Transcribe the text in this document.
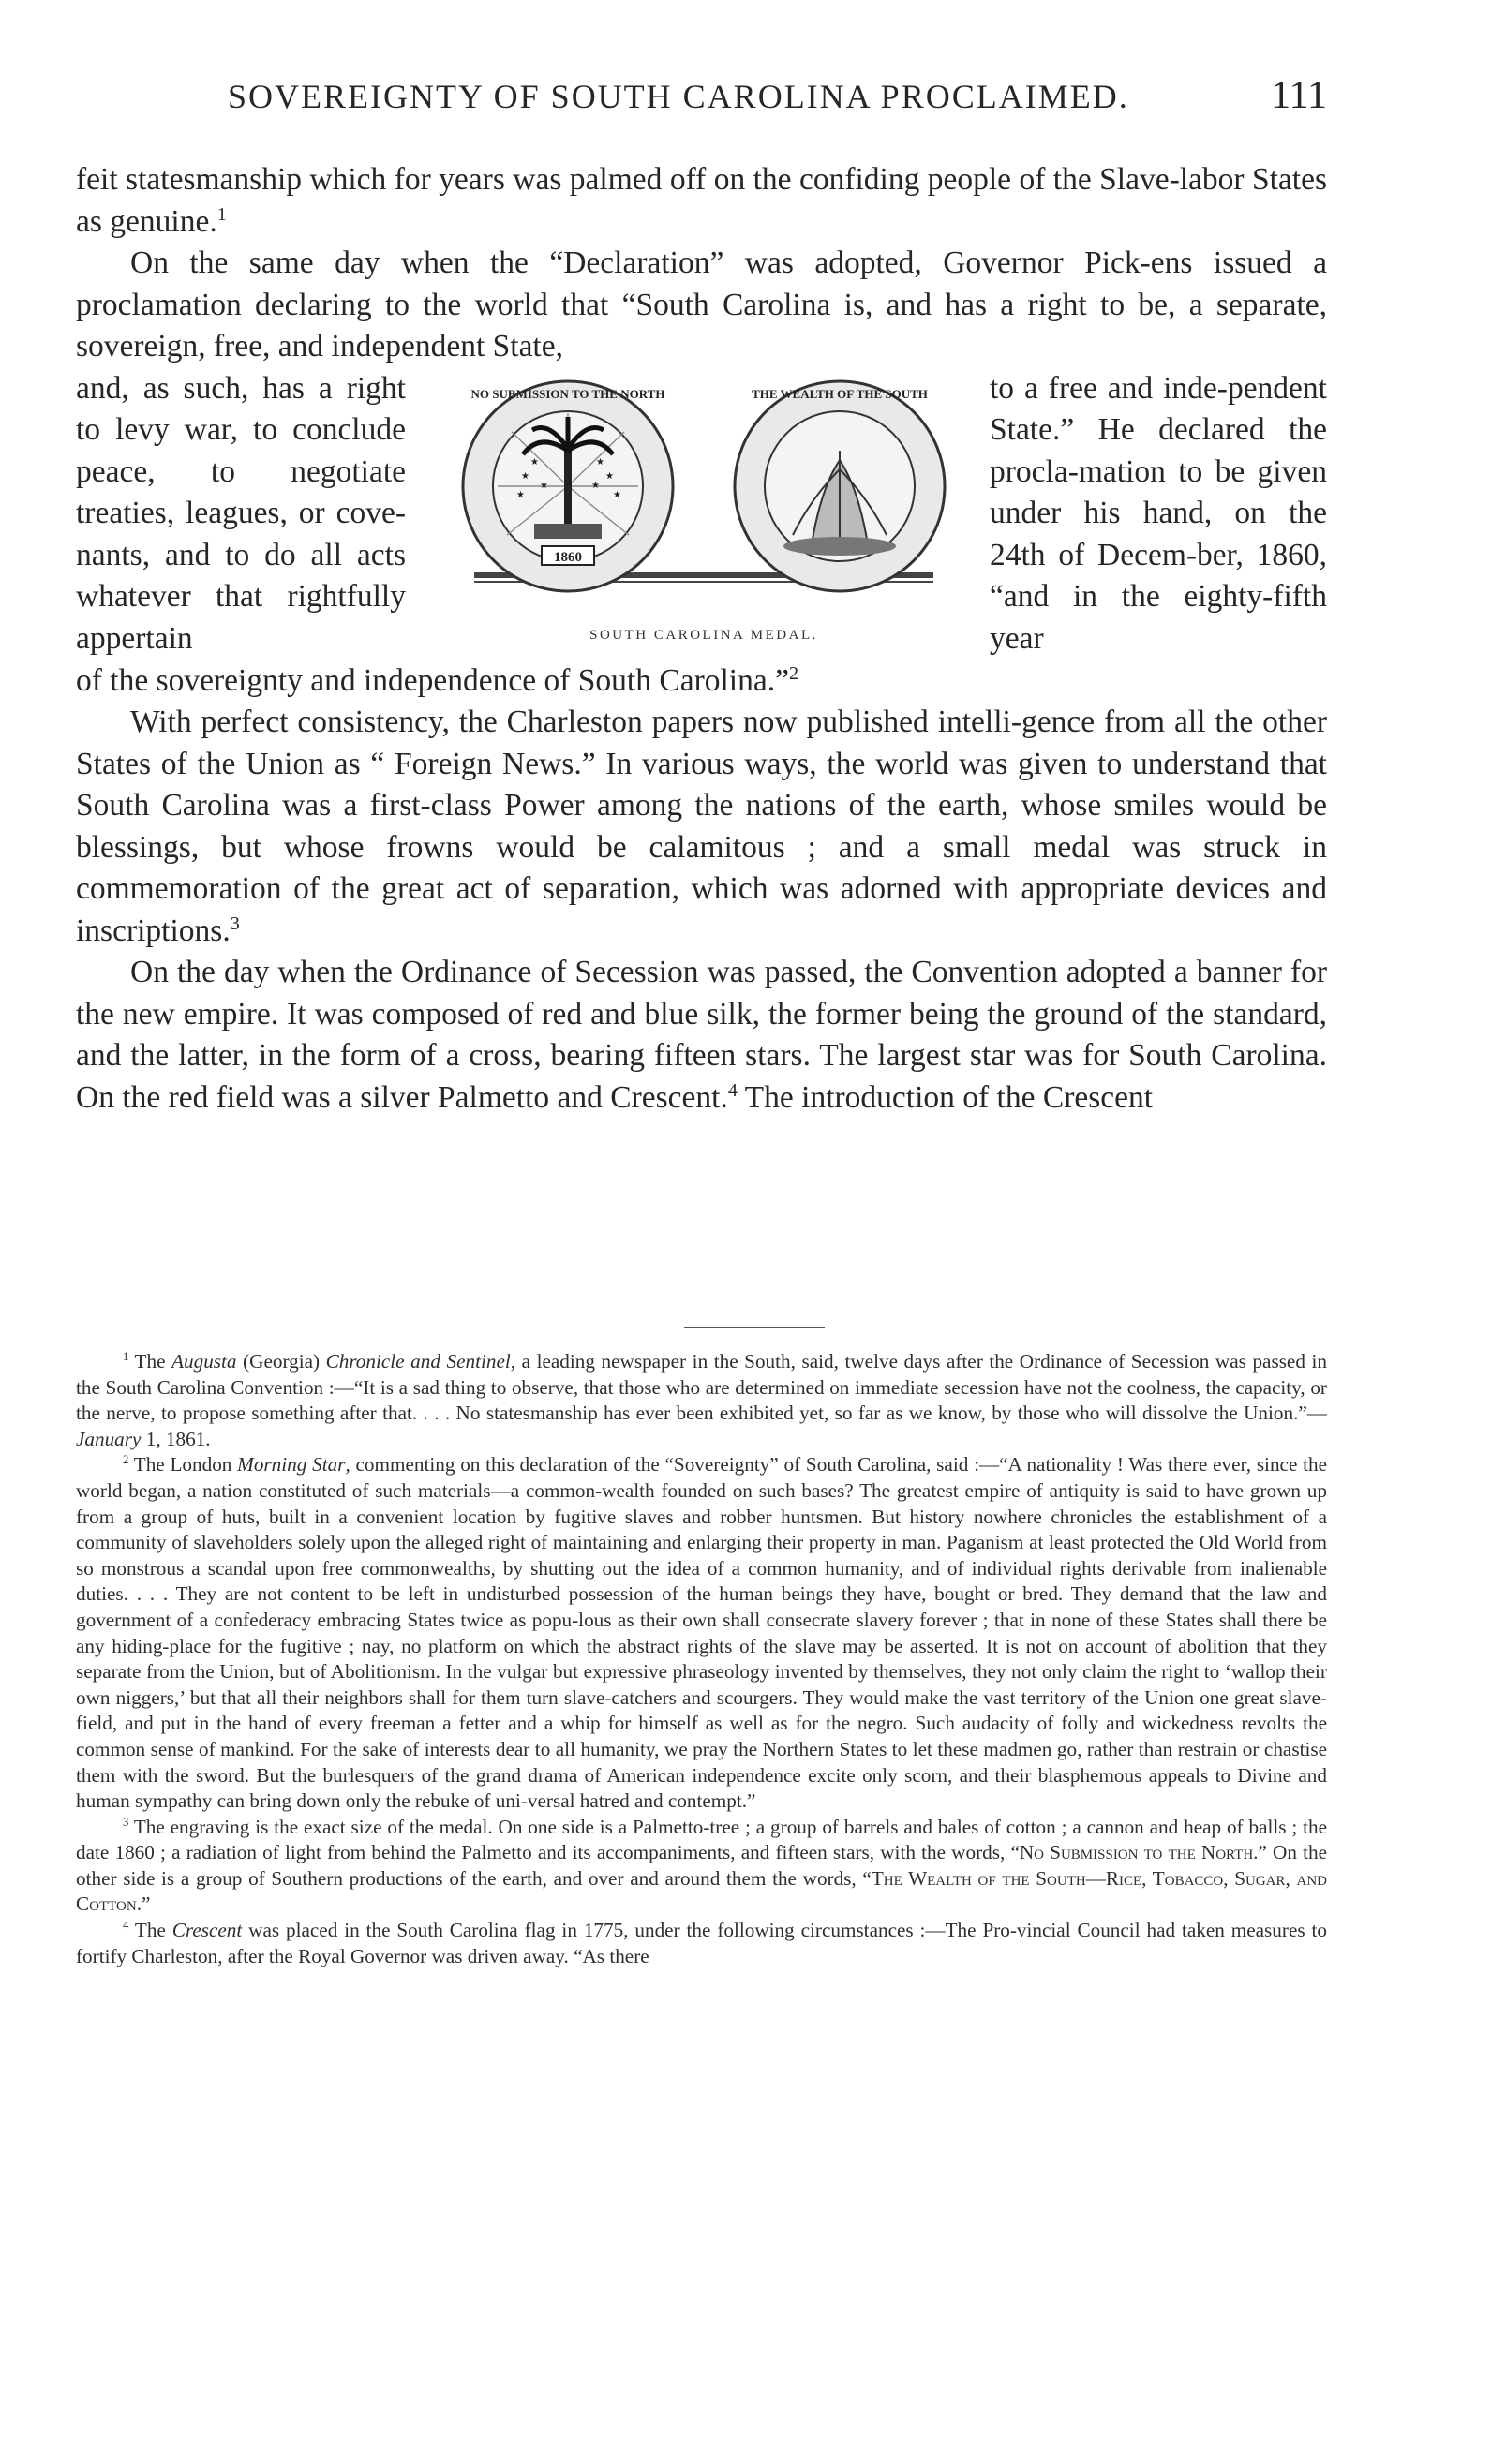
SOVEREIGNTY OF SOUTH CAROLINA PROCLAIMED.	111

feit statesmanship which for years was palmed off on the confiding people of the Slave-labor States as genuine.$^1$

On the same day when the “Declaration” was adopted, Governor Pick-ens issued a proclamation declaring to the world that “South Carolina is, and has a right to be, a separate, sovereign, free, and independent State,

and, as such, has a right to levy war, to conclude peace, to negotiate treaties, leagues, or cove-nants, and to do all acts whatever that rightfully appertain
to a free and inde-pendent State.” He declared the procla-mation to be given under his hand, on the 24th of Decem-ber, 1860, “and in the eighty-fifth year
1860
★
★
★
★
★	★
★	★
NO SUBMISSION TO THE NORTH	THE WEALTH OF THE SOUTH
SOUTH CAROLINA MEDAL.

of the sovereignty and independence of South Carolina.”$^2$

With perfect consistency, the Charleston papers now published intelli-gence from all the other States of the Union as “ Foreign News.” In various ways, the world was given to understand that South Carolina was a first-class Power among the nations of the earth, whose smiles would be blessings, but whose frowns would be calamitous ; and a small medal was struck in commemoration of the great act of separation, which was adorned with appropriate devices and inscriptions.$^3$

On the day when the Ordinance of Secession was passed, the Convention adopted a banner for the new empire. It was composed of red and blue silk, the former being the ground of the standard, and the latter, in the form of a cross, bearing fifteen stars. The largest star was for South Carolina. On the red field was a silver Palmetto and Crescent.$^4$ The introduction of the Crescent

$^1$ The Augusta (Georgia) Chronicle and Sentinel, a leading newspaper in the South, said, twelve days after the Ordinance of Secession was passed in the South Carolina Convention :—“It is a sad thing to observe, that those who are determined on immediate secession have not the coolness, the capacity, or the nerve, to propose something after that. . . . No statesmanship has ever been exhibited yet, so far as we know, by those who will dissolve the Union.”—January 1, 1861.

$^2$ The London Morning Star, commenting on this declaration of the “Sovereignty” of South Carolina, said :—“A nationality ! Was there ever, since the world began, a nation constituted of such materials—a common-wealth founded on such bases? The greatest empire of antiquity is said to have grown up from a group of huts, built in a convenient location by fugitive slaves and robber huntsmen. But history nowhere chronicles the establishment of a community of slaveholders solely upon the alleged right of maintaining and enlarging their property in man. Paganism at least protected the Old World from so monstrous a scandal upon free commonwealths, by shutting out the idea of a common humanity, and of individual rights derivable from inalienable duties. . . . They are not content to be left in undisturbed possession of the human beings they have, bought or bred. They demand that the law and government of a confederacy embracing States twice as popu-lous as their own shall consecrate slavery forever ; that in none of these States shall there be any hiding-place for the fugitive ; nay, no platform on which the abstract rights of the slave may be asserted. It is not on account of abolition that they separate from the Union, but of Abolitionism. In the vulgar but expressive phraseology invented by themselves, they not only claim the right to ‘wallop their own niggers,’ but that all their neighbors shall for them turn slave-catchers and scourgers. They would make the vast territory of the Union one great slave-field, and put in the hand of every freeman a fetter and a whip for himself as well as for the negro. Such audacity of folly and wickedness revolts the common sense of mankind. For the sake of interests dear to all humanity, we pray the Northern States to let these madmen go, rather than restrain or chastise them with the sword. But the burlesquers of the grand drama of American independence excite only scorn, and their blasphemous appeals to Divine and human sympathy can bring down only the rebuke of uni-versal hatred and contempt.”

$^3$ The engraving is the exact size of the medal. On one side is a Palmetto-tree ; a group of barrels and bales of cotton ; a cannon and heap of balls ; the date 1860 ; a radiation of light from behind the Palmetto and its accompaniments, and fifteen stars, with the words, “No Submission to the North.” On the other side is a group of Southern productions of the earth, and over and around them the words, “The Wealth of the South—Rice, Tobacco, Sugar, and Cotton.”

$^4$ The Crescent was placed in the South Carolina flag in 1775, under the following circumstances :—The Pro-vincial Council had taken measures to fortify Charleston, after the Royal Governor was driven away. “As there
